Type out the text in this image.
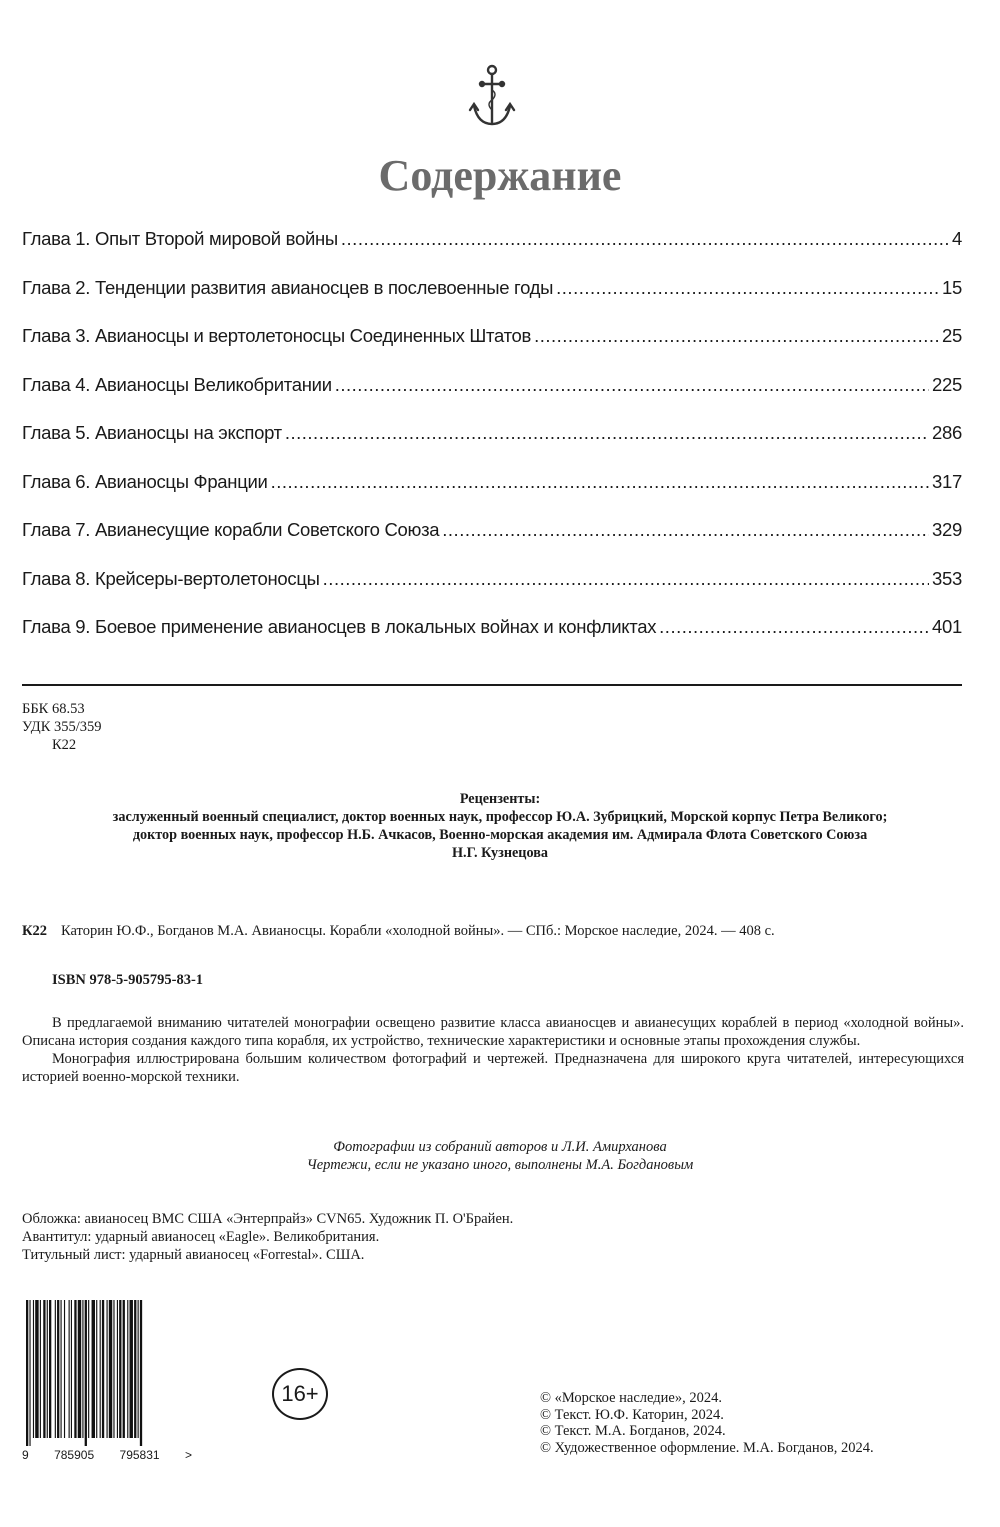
Содержание
Глава 1. Опыт Второй мировой войны .....	4
Глава 2. Тенденции развития авианосцев в послевоенные годы .....	15
Глава 3. Авианосцы и вертолетоносцы Соединенных Штатов .....	25
Глава 4. Авианосцы Великобритании .....	225
Глава 5. Авианосцы на экспорт .....	286
Глава 6. Авианосцы Франции .....	317
Глава 7. Авианесущие корабли Советского Союза .....	329
Глава 8. Крейсеры-вертолетоносцы .....	353
Глава 9. Боевое применение авианосцев в локальных войнах и конфликтах .....	401
ББК 68.53
УДК 355/359
К22
Рецензенты:
заслуженный военный специалист, доктор военных наук, профессор Ю.А. Зубрицкий, Морской корпус Петра Великого;
доктор военных наук, профессор Н.Б. Ачкасов, Военно-морская академия им. Адмирала Флота Советского Союза
Н.Г. Кузнецова
К22 Каторин Ю.Ф., Богданов М.А. Авианосцы. Корабли «холодной войны». — СПб.: Морское наследие, 2024. — 408 с.
ISBN 978-5-905795-83-1

В предлагаемой вниманию читателей монографии освещено развитие класса авианосцев и авианесущих кораблей в период «холодной войны». Описана история создания каждого типа корабля, их устройство, технические характеристики и основные этапы прохождения службы.

Монография иллюстрирована большим количеством фотографий и чертежей. Предназначена для широкого круга читателей, интересующихся историей военно-морской техники.

Фотографии из собраний авторов и Л.И. Амирханова
Чертежи, если не указано иного, выполнены М.А. Богдановым
Обложка: авианосец ВМС США «Энтерпрайз» CVN65. Художник П. О'Брайен.
Авантитул: ударный авианосец «Eagle». Великобритания.
Титульный лист: ударный авианосец «Forrestal». США.
9 785905 795831 >
16+	© «Морское наследие», 2024.
© Текст. Ю.Ф. Каторин, 2024.
© Текст. М.А. Богданов, 2024.
© Художественное оформление. М.А. Богданов, 2024.
